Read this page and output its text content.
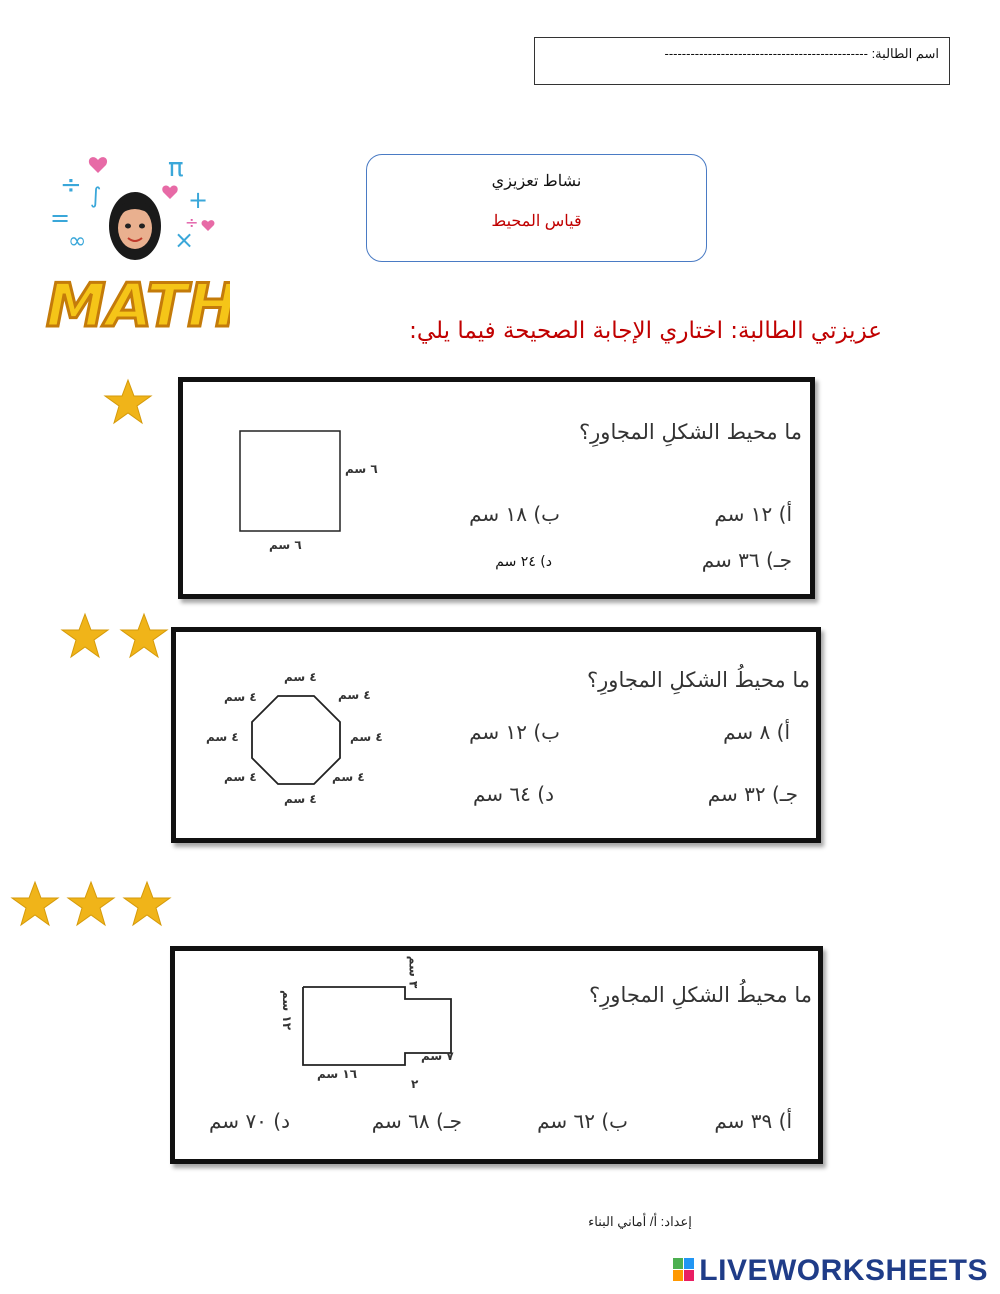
اسم الطالبة: -----------------------------------------------
÷
=
∞
∫
π
+
×
÷
MATH
نشاط تعزيزي
قياس المحيط
عزيزتي الطالبة: اختاري الإجابة الصحيحة فيما يلي:
ما محيط الشكلِ المجاورِ؟
٦ سم
٦ سم
أ) ١٢ سم
ب) ١٨ سم
جـ) ٣٦ سم
د) ٢٤ سم
ما محيطُ الشكلِ المجاورِ؟
٤ سم
٤ سم
٤ سم
٤ سم
٤ سم
٤ سم
٤ سم
٤ سم
أ) ٨ سم
ب) ١٢ سم
جـ) ٣٢ سم
د) ٦٤ سم
ما محيطُ الشكلِ المجاورِ؟
١٢ سم
١٦ سم
٧ سم
٣ سم
٢
أ) ٣٩ سم
ب) ٦٢ سم
جـ) ٦٨ سم
د) ٧٠ سم
إعداد: أ/ أماني البناء
LIVEWORKSHEETS
